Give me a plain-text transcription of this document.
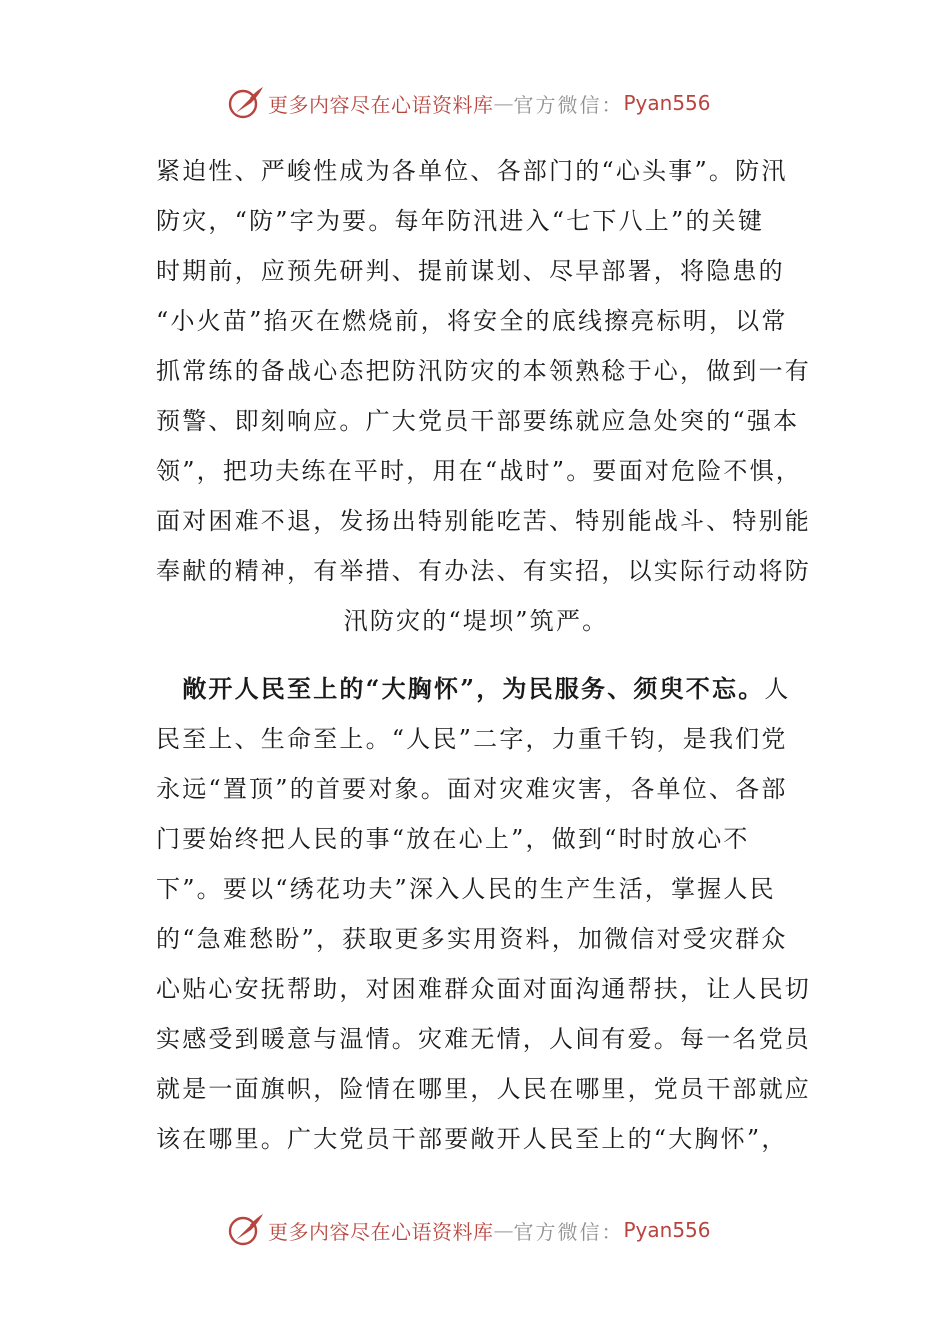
更多内容尽在心语资料库 — 官方微信： Pyan556
紧迫性、严峻性成为各单位、各部门的“心头事”。防汛
防灾，“防”字为要。每年防汛进入“七下八上”的关键
时期前，应预先研判、提前谋划、尽早部署，将隐患的
“小火苗”掐灭在燃烧前，将安全的底线擦亮标明，以常
抓常练的备战心态把防汛防灾的本领熟稔于心，做到一有
预警、即刻响应。广大党员干部要练就应急处突的“强本
领”，把功夫练在平时，用在“战时”。要面对危险不惧，
面对困难不退，发扬出特别能吃苦、特别能战斗、特别能
奉献的精神，有举措、有办法、有实招，以实际行动将防
汛防灾的“堤坝”筑严。
　敞开人民至上的“大胸怀”，为民服务、须臾不忘。人
民至上、生命至上。“人民”二字，力重千钧，是我们党
永远“置顶”的首要对象。面对灾难灾害，各单位、各部
门要始终把人民的事“放在心上”，做到“时时放心不
下”。要以“绣花功夫”深入人民的生产生活，掌握人民
的“急难愁盼”，获取更多实用资料，加微信对受灾群众
心贴心安抚帮助，对困难群众面对面沟通帮扶，让人民切
实感受到暖意与温情。灾难无情，人间有爱。每一名党员
就是一面旗帜，险情在哪里，人民在哪里，党员干部就应
该在哪里。广大党员干部要敞开人民至上的“大胸怀”，
更多内容尽在心语资料库 — 官方微信： Pyan556
